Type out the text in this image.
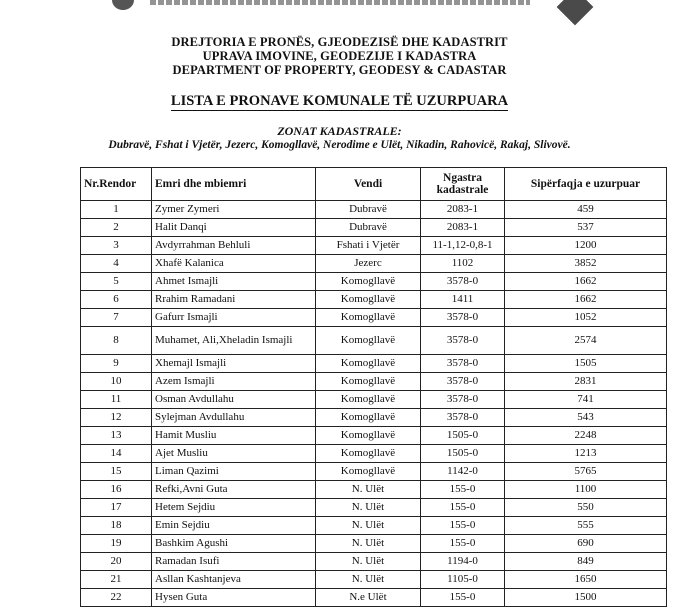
DREJTORIA E PRONËS, GJEODEZISË DHE KADASTRIT
UPRAVA IMOVINE, GEODEZIJE I KADASTRA
DEPARTMENT OF PROPERTY, GEODESY & CADASTAR
LISTA E PRONAVE KOMUNALE TË UZURPUARA
ZONAT KADASTRALE:
Dubravë, Fshat i Vjetër, Jezerc, Komogllavë, Nerodime e Ulët, Nikadin, Rahovicë, Rakaj, Slivovë.
Nr.Rendor	Emri dhe mbiemri	Vendi	Ngastra kadastrale	Sipërfaqja e uzurpuar
1	Zymer Zymeri	Dubravë	2083-1	459
2	Halit Danqi	Dubravë	2083-1	537
3	Avdyrrahman Behluli	Fshati i Vjetër	11-1,12-0,8-1	1200
4	Xhafë Kalanica	Jezerc	1102	3852
5	Ahmet Ismajli	Komogllavë	3578-0	1662
6	Rrahim Ramadani	Komogllavë	1411	1662
7	Gafurr Ismajli	Komogllavë	3578-0	1052
8	Muhamet, Ali,Xheladin Ismajli	Komogllavë	3578-0	2574
9	Xhemajl Ismajli	Komogllavë	3578-0	1505
10	Azem Ismajli	Komogllavë	3578-0	2831
11	Osman Avdullahu	Komogllavë	3578-0	741
12	Sylejman Avdullahu	Komogllavë	3578-0	543
13	Hamit Musliu	Komogllavë	1505-0	2248
14	Ajet Musliu	Komogllavë	1505-0	1213
15	Liman Qazimi	Komogllavë	1142-0	5765
16	Refki,Avni Guta	N. Ulët	155-0	1100
17	Hetem Sejdiu	N. Ulët	155-0	550
18	Emin Sejdiu	N. Ulët	155-0	555
19	Bashkim Agushi	N. Ulët	155-0	690
20	Ramadan Isufi	N. Ulët	1194-0	849
21	Asllan Kashtanjeva	N. Ulët	1105-0	1650
22	Hysen Guta	N.e Ulët	155-0	1500
